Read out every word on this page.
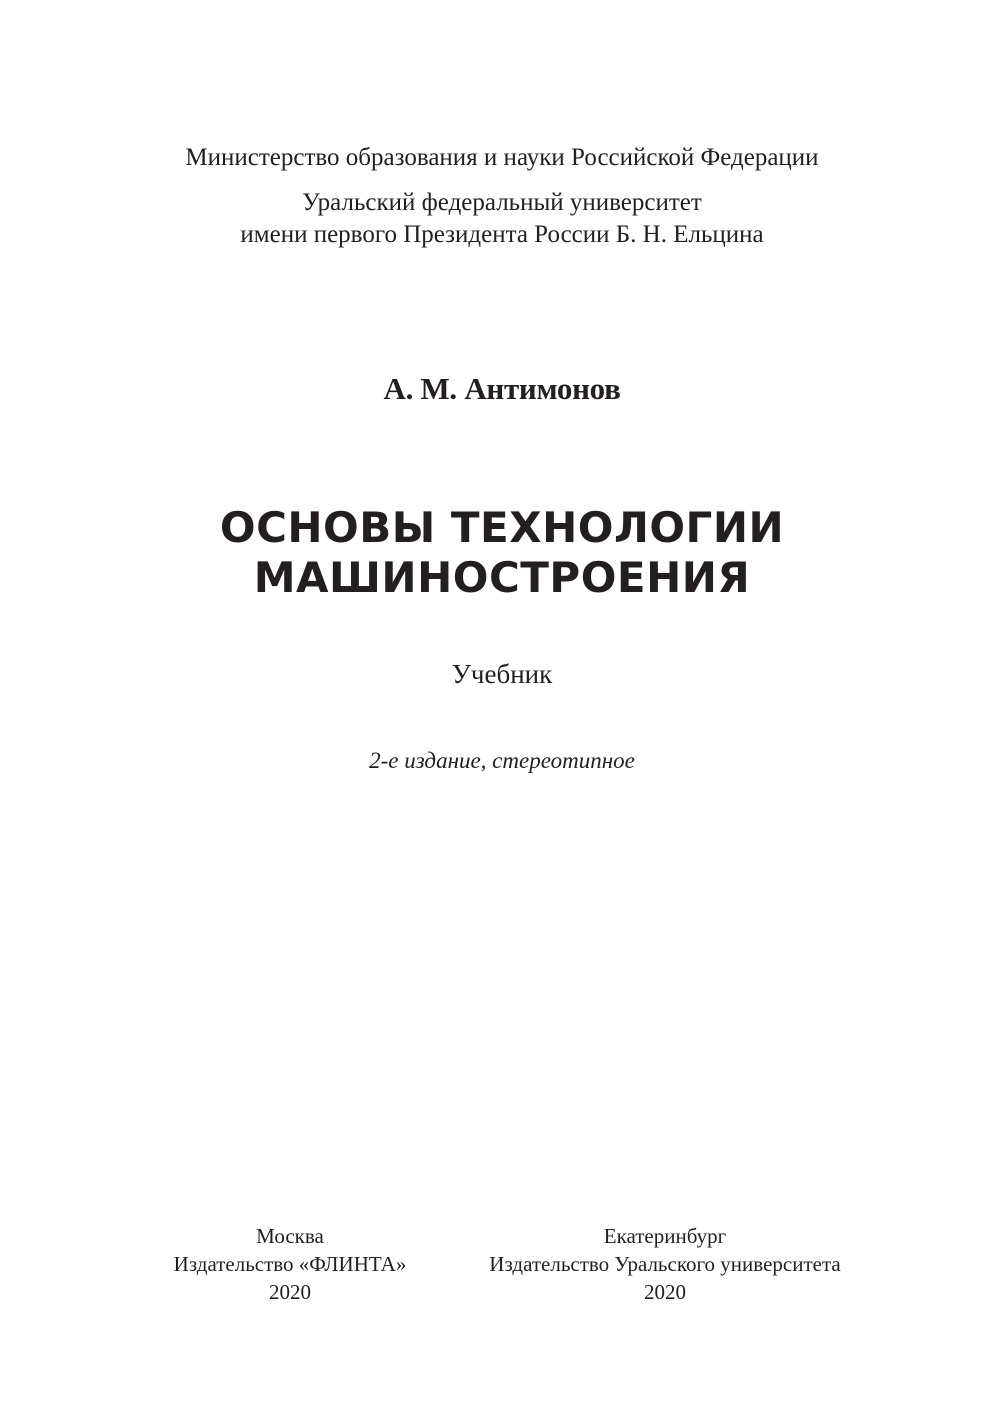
Министерство образования и науки Российской Федерации
Уральский федеральный университет
имени первого Президента России Б. Н. Ельцина
А. М. Антимонов
ОСНОВЫ ТЕХНОЛОГИИ
МАШИНОСТРОЕНИЯ
Учебник
2-е издание, стереотипное
Москва
Издательство «ФЛИНТА»
2020
Екатеринбург
Издательство Уральского университета
2020
